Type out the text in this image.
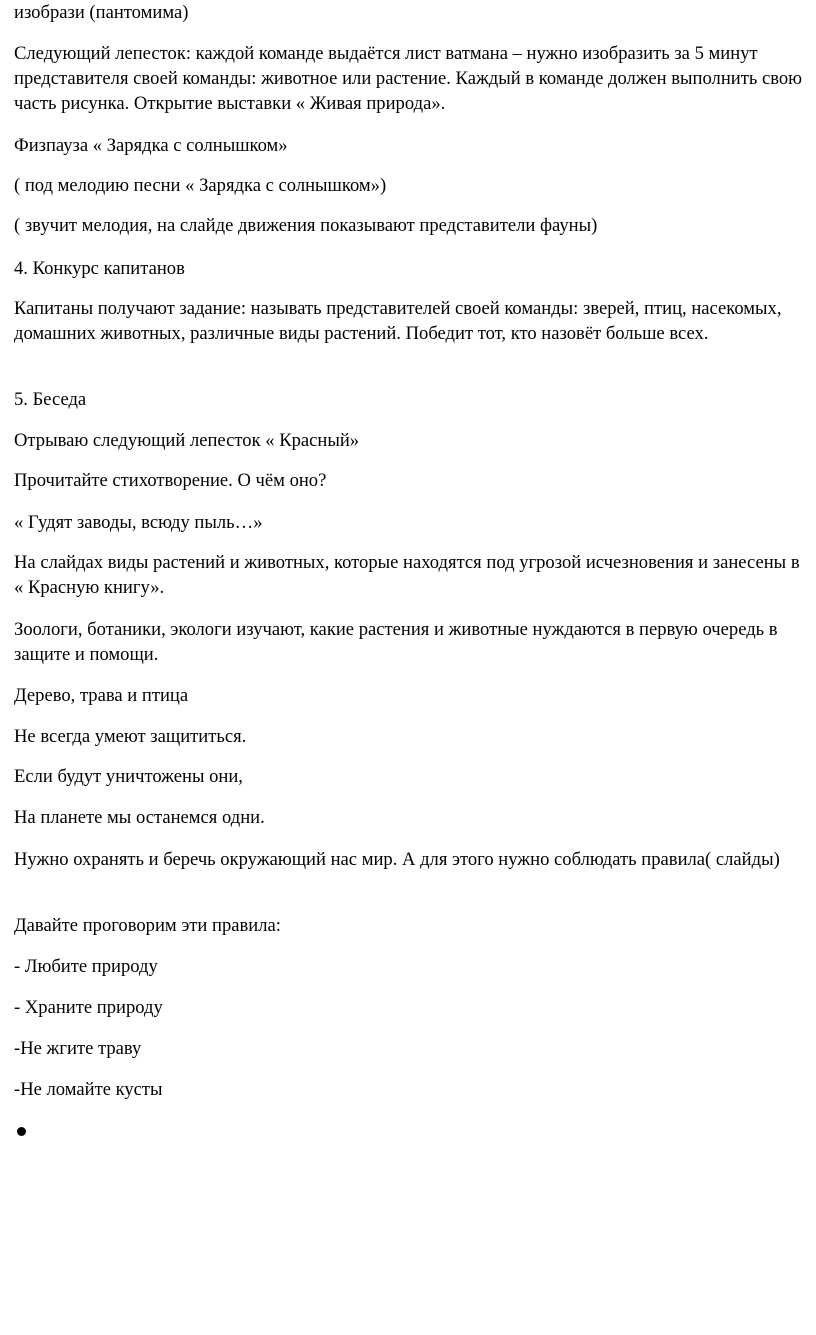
изобрази (пантомима)

Следующий лепесток: каждой команде выдаётся лист ватмана – нужно изобразить за 5 минут представителя своей команды: животное или растение. Каждый в команде должен выполнить свою часть рисунка. Открытие выставки « Живая природа».

Физпауза « Зарядка с солнышком»

( под мелодию песни « Зарядка с солнышком»)

( звучит мелодия, на слайде движения показывают представители фауны)

4. Конкурс капитанов

Капитаны получают задание: называть представителей своей команды: зверей, птиц, насекомых, домашних животных, различные виды растений. Победит тот, кто назовёт больше всех.

5. Беседа

Отрываю следующий лепесток « Красный»

Прочитайте стихотворение. О чём оно?

« Гудят заводы, всюду пыль…»

На слайдах виды растений и животных, которые находятся под угрозой исчезновения и занесены в « Красную книгу».

Зоологи, ботаники, экологи изучают, какие растения и животные нуждаются в первую очередь в защите и помощи.

Дерево, трава и птица

Не всегда умеют защититься.

Если будут уничтожены они,

На планете мы останемся одни.

Нужно охранять и беречь окружающий нас мир. А для этого нужно соблюдать правила( слайды)

Давайте проговорим эти правила:

- Любите природу

- Храните природу

-Не жгите траву

-Не ломайте кусты
